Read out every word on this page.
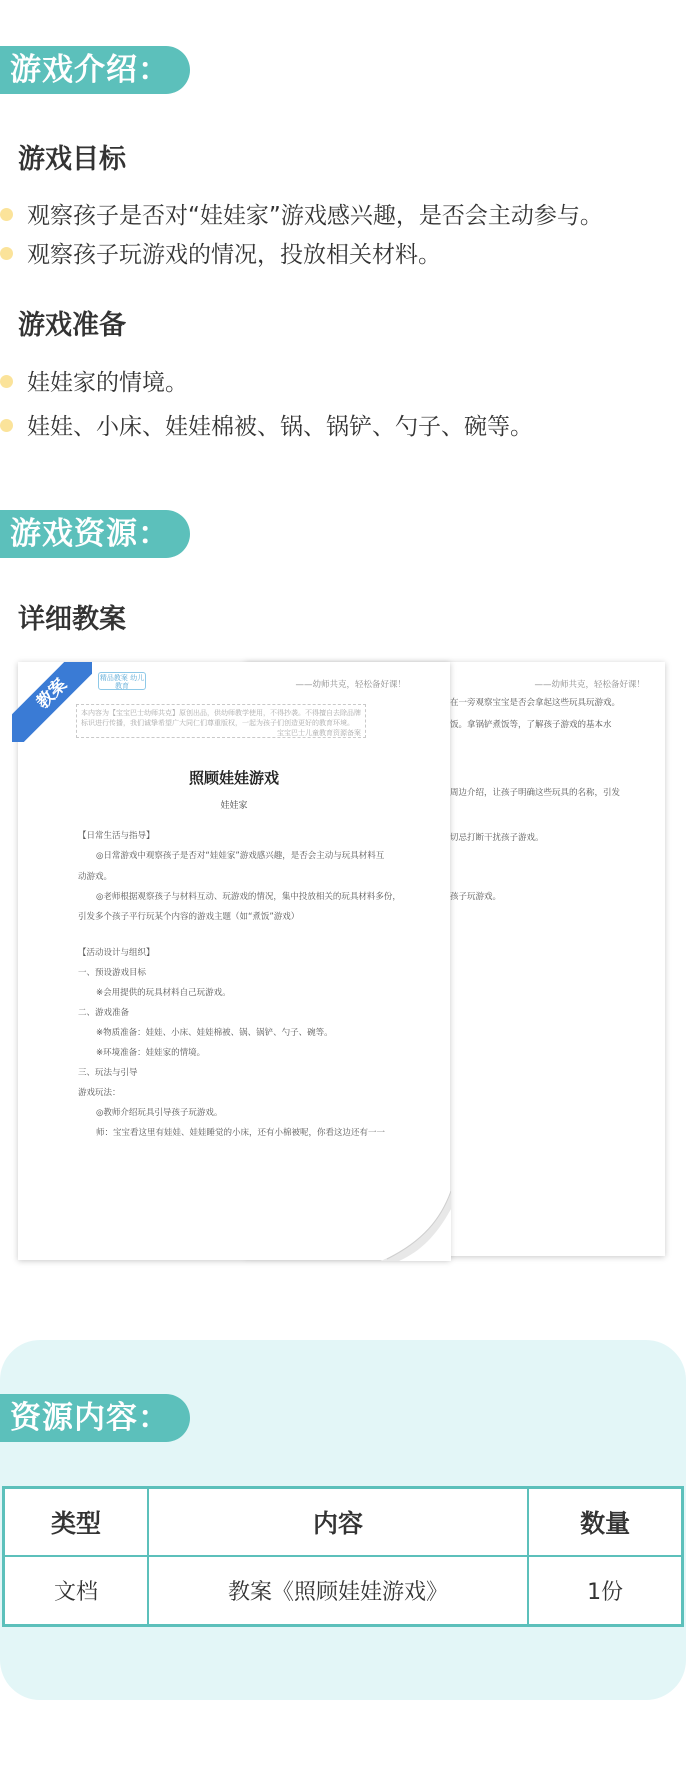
游戏介绍：
游戏目标
观察孩子是否对“娃娃家”游戏感兴趣，是否会主动参与。
观察孩子玩游戏的情况，投放相关材料。
游戏准备
娃娃家的情境。
娃娃、小床、娃娃棉被、锅、锅铲、勺子、碗等。
游戏资源：
详细教案
——幼师共克，轻松备好课！
在一旁观察宝宝是否会拿起这些玩具玩游戏。
饭。拿锅铲煮饭等，了解孩子游戏的基本水
周边介绍，让孩子明确这些玩具的名称，引发
切忌打断干扰孩子游戏。
孩子玩游戏。
教案	精品教案 幼儿教育	——幼师共克，轻松备好课！
本内容为【宝宝巴士幼师共克】原创出品，供幼师教学使用，不得抄袭。不得擅自去除品牌标识进行传播，我们诚挚希望广大同仁们尊重版权，一起为孩子们创造更好的教育环境。
宝宝巴士儿童教育资源备案
照顾娃娃游戏
娃娃家
【日常生活与指导】
◎日常游戏中观察孩子是否对“娃娃家”游戏感兴趣，是否会主动与玩具材料互
动游戏。
◎老师根据观察孩子与材料互动、玩游戏的情况，集中投放相关的玩具材料多份，
引发多个孩子平行玩某个内容的游戏主题（如“煮饭”游戏）
【活动设计与组织】
一、预设游戏目标
※会用提供的玩具材料自己玩游戏。
二、游戏准备
※物质准备：娃娃、小床、娃娃棉被、锅、锅铲、勺子、碗等。
※环境准备：娃娃家的情境。
三、玩法与引导
游戏玩法：
◎教师介绍玩具引导孩子玩游戏。
师：宝宝看这里有娃娃、娃娃睡觉的小床，还有小棉被呢，你看这边还有一一
资源内容：
类型	内容	数量
文档	教案《照顾娃娃游戏》	1份
